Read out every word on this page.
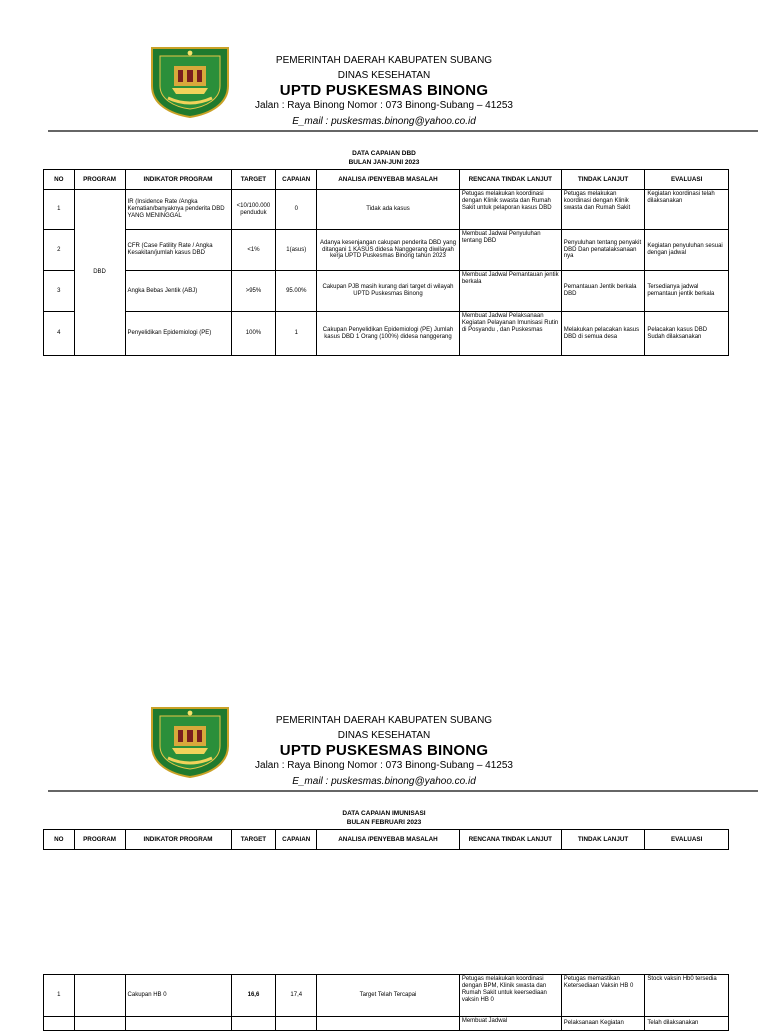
PEMERINTAH DAERAH KABUPATEN SUBANG
DINAS KESEHATAN
UPTD PUSKESMAS BINONG
Jalan : Raya Binong Nomor : 073 Binong-Subang – 41253
E_mail : puskesmas.binong@yahoo.co.id
DATA CAPAIAN DBD
BULAN JAN-JUNI 2023
NO	PROGRAM	INDIKATOR PROGRAM	TARGET	CAPAIAN	ANALISA /PENYEBAB MASALAH	RENCANA TINDAK LANJUT	TINDAK LANJUT	EVALUASI
1	DBD	IR (Insidence Rate /Angka Kematian/banyaknya penderita DBD YANG MENINGGAL	<10/100.000 penduduk	0	Tidak ada kasus	Petugas melakukan koordinasi dengan Klinik swasta dan Rumah Sakit untuk pelaporan kasus DBD	Petugas melakukan koordinasi dengan Klinik swasta dan Rumah Sakit	Kegiatan koordinasi telah dilaksanakan
2		CFR (Case Fatility Rate / Angka Kesakitan/jumlah kasus DBD	<1%	1(asus)	Adanya kesenjangan cakupan penderita DBD yang ditangani 1 KASUS didesa Nanggerang diwilayah kerja UPTD Puskesmas Binong tahun 2023	Membuat Jadwal Penyuluhan tentang DBD	Penyuluhan tentang penyakit DBD Dan penatalaksanaan nya	Kegiatan penyuluhan sesuai dengan jadwal
3		Angka Bebas Jentik (ABJ)	>95%	95.00%	Cakupan PJB masih kurang dari target di wilayah UPTD Puskesmas Binong	Membuat Jadwal Pemantauan jentik berkala	Pemantauan Jentik berkala DBD	Tersedianya jadwal pemantaun jentik berkala
4		Penyelidikan Epidemiologi (PE)	100%	1	Cakupan Penyelidikan Epidemiologi (PE) Jumlah kasus DBD 1 Orang (100%) didesa nanggerang	Membuat Jadwal Pelaksanaan Kegiatan Pelayanan Imunisasi Rutin di Posyandu , dan Puskesmas	Melakukan pelacakan kasus DBD di semua desa	Pelacakan kasus DBD Sudah dilaksanakan
PEMERINTAH DAERAH KABUPATEN SUBANG
DINAS KESEHATAN
UPTD PUSKESMAS BINONG
Jalan : Raya Binong Nomor : 073 Binong-Subang – 41253
E_mail : puskesmas.binong@yahoo.co.id
DATA CAPAIAN IMUNISASI
BULAN FEBRUARI 2023
NO	PROGRAM	INDIKATOR PROGRAM	TARGET	CAPAIAN	ANALISA /PENYEBAB MASALAH	RENCANA TINDAK LANJUT	TINDAK LANJUT	EVALUASI
1		Cakupan HB 0	16,6	17,4	Target Telah Tercapai	Petugas melakukan koordinasi dengan BPM, Klinik swasta dan Rumah Sakit untuk keersediaan vaksin HB 0	Petugas memastikan Ketersediaan Vaksin HB 0	Stock vaksin Hb0 tersedia
						Membuat Jadwal	Pelaksanaan Kegiatan	Telah dilaksanakan
